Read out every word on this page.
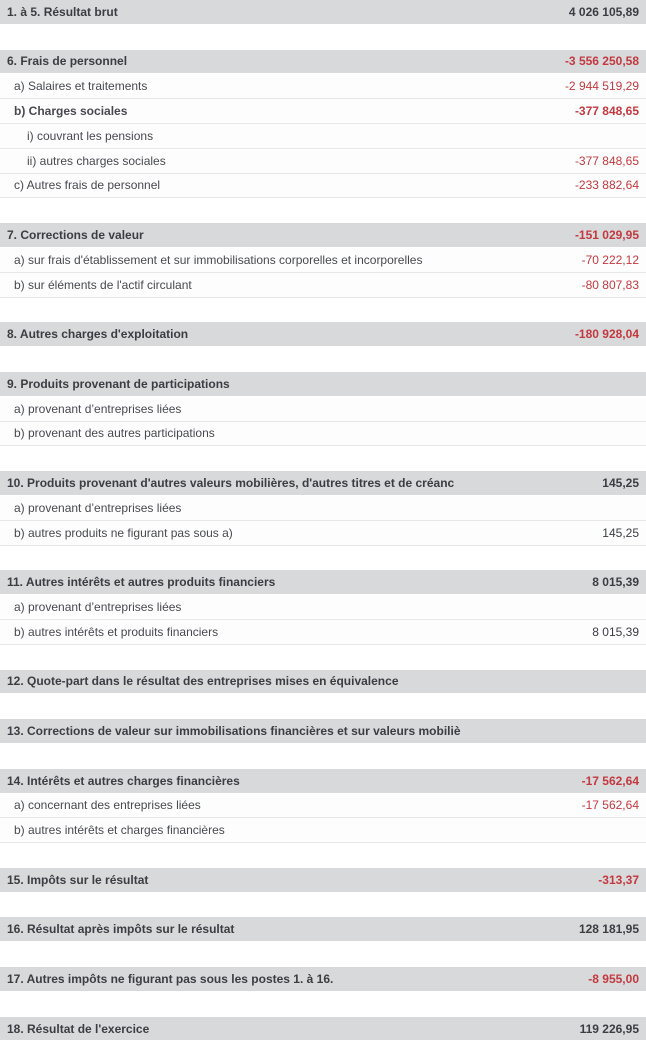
1. à 5. Résultat brut	4 026 105,89
6. Frais de personnel	-3 556 250,58
a) Salaires et traitements	-2 944 519,29
b) Charges sociales	-377 848,65
i) couvrant les pensions
ii) autres charges sociales	-377 848,65
c) Autres frais de personnel	-233 882,64
7. Corrections de valeur	-151 029,95
a) sur frais d'établissement et sur immobilisations corporelles et incorporelles	-70 222,12
b) sur éléments de l'actif circulant	-80 807,83
8. Autres charges d'exploitation	-180 928,04
9. Produits provenant de participations
a) provenant d’entreprises liées
b) provenant des autres participations
10. Produits provenant d'autres valeurs mobilières, d'autres titres et de créanc	145,25
a) provenant d’entreprises liées
b) autres produits ne figurant pas sous a)	145,25
11. Autres intérêts et autres produits financiers	8 015,39
a) provenant d’entreprises liées
b) autres intérêts et produits financiers	8 015,39
12. Quote-part dans le résultat des entreprises mises en équivalence
13. Corrections de valeur sur immobilisations financières et sur valeurs mobiliè
14. Intérêts et autres charges financières	-17 562,64
a) concernant des entreprises liées	-17 562,64
b) autres intérêts et charges financières
15. Impôts sur le résultat	-313,37
16. Résultat après impôts sur le résultat	128 181,95
17. Autres impôts ne figurant pas sous les postes 1. à 16.	-8 955,00
18. Résultat de l'exercice	119 226,95
